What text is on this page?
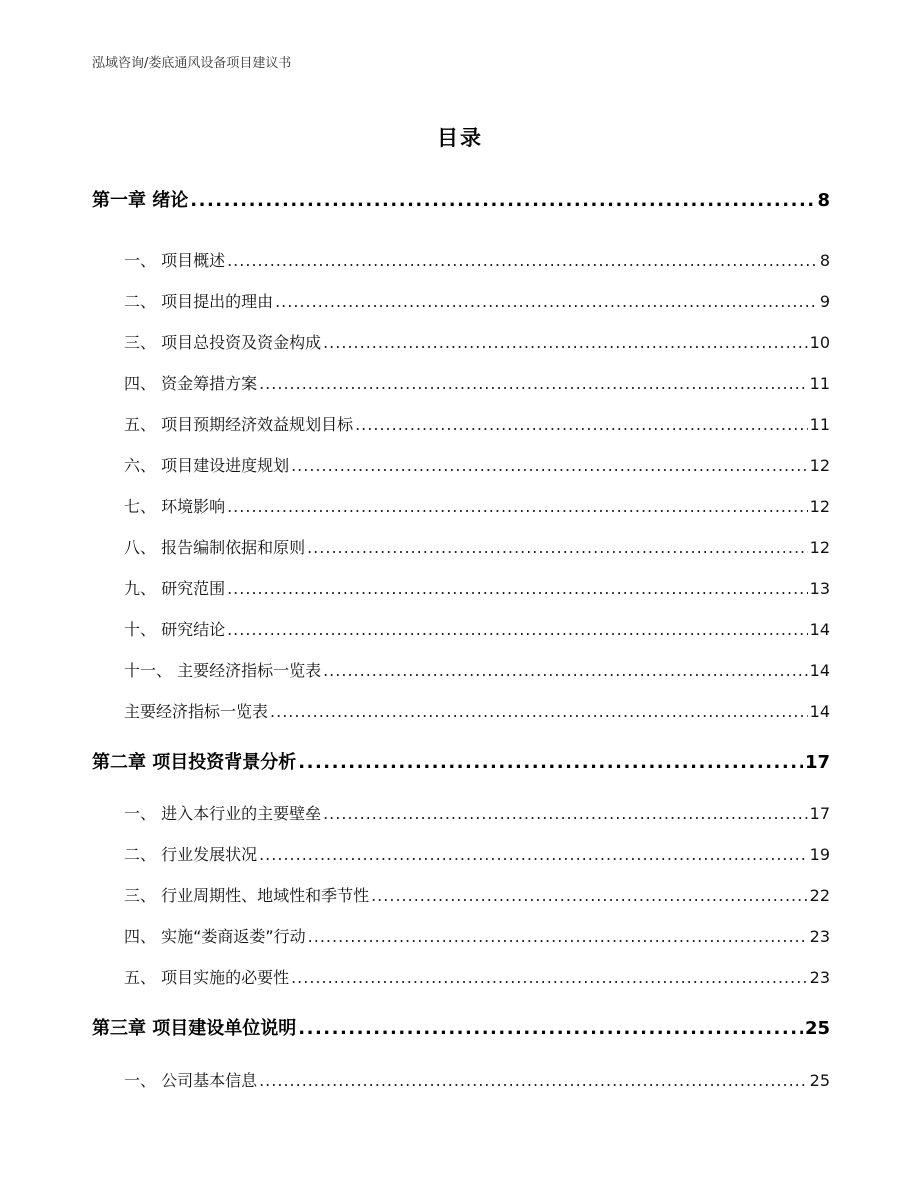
泓域咨询/娄底通风设备项目建议书
目录
第一章 绪论 .....	8
一、 项目概述 .....	8
二、 项目提出的理由 .....	9
三、 项目总投资及资金构成 .....	10
四、 资金筹措方案 .....	11
五、 项目预期经济效益规划目标 .....	11
六、 项目建设进度规划 .....	12
七、 环境影响 .....	12
八、 报告编制依据和原则 .....	12
九、 研究范围 .....	13
十、 研究结论 .....	14
十一、 主要经济指标一览表 .....	14
主要经济指标一览表 .....	14
第二章 项目投资背景分析 .....	17
一、 进入本行业的主要壁垒 .....	17
二、 行业发展状况 .....	19
三、 行业周期性、地域性和季节性 .....	22
四、 实施“娄商返娄”行动 .....	23
五、 项目实施的必要性 .....	23
第三章 项目建设单位说明 .....	25
一、 公司基本信息 .....	25
